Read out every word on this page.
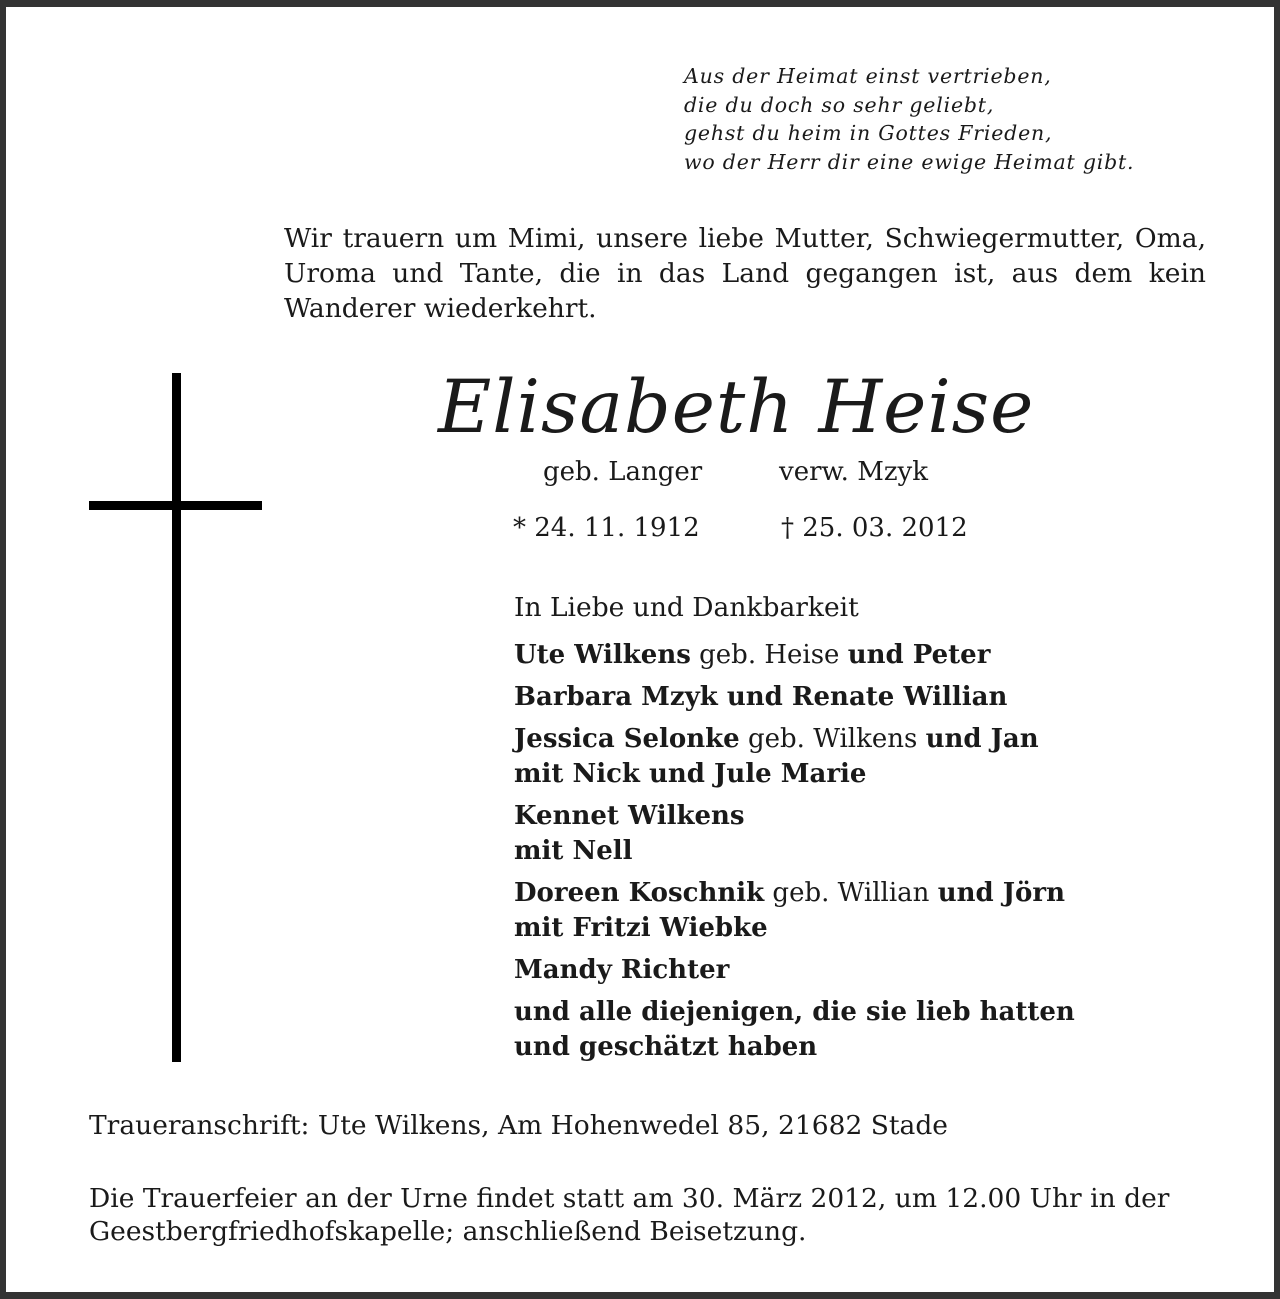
Aus der Heimat einst vertrieben,
die du doch so sehr geliebt,
gehst du heim in Gottes Frieden,
wo der Herr dir eine ewige Heimat gibt.

Wir trauern um Mimi, unsere liebe Mutter, Schwiegermutter, Oma, Uroma und Tante, die in das Land gegangen ist, aus dem kein Wanderer wiederkehrt.

Elisabeth Heise
geb. Langer	verw. Mzyk
* 24. 11. 1912	† 25. 03. 2012
In Liebe und Dankbarkeit
Ute Wilkens geb. Heise und Peter
Barbara Mzyk und Renate Willian
Jessica Selonke geb. Wilkens und Jan
mit Nick und Jule Marie
Kennet Wilkens
mit Nell
Doreen Koschnik geb. Willian und Jörn
mit Fritzi Wiebke
Mandy Richter
und alle diejenigen, die sie lieb hatten
und geschätzt haben
Traueranschrift: Ute Wilkens, Am Hohenwedel 85, 21682 Stade

Die Trauerfeier an der Urne findet statt am 30. März 2012, um 12.00 Uhr in der Geestbergfriedhofskapelle; anschließend Beisetzung.
